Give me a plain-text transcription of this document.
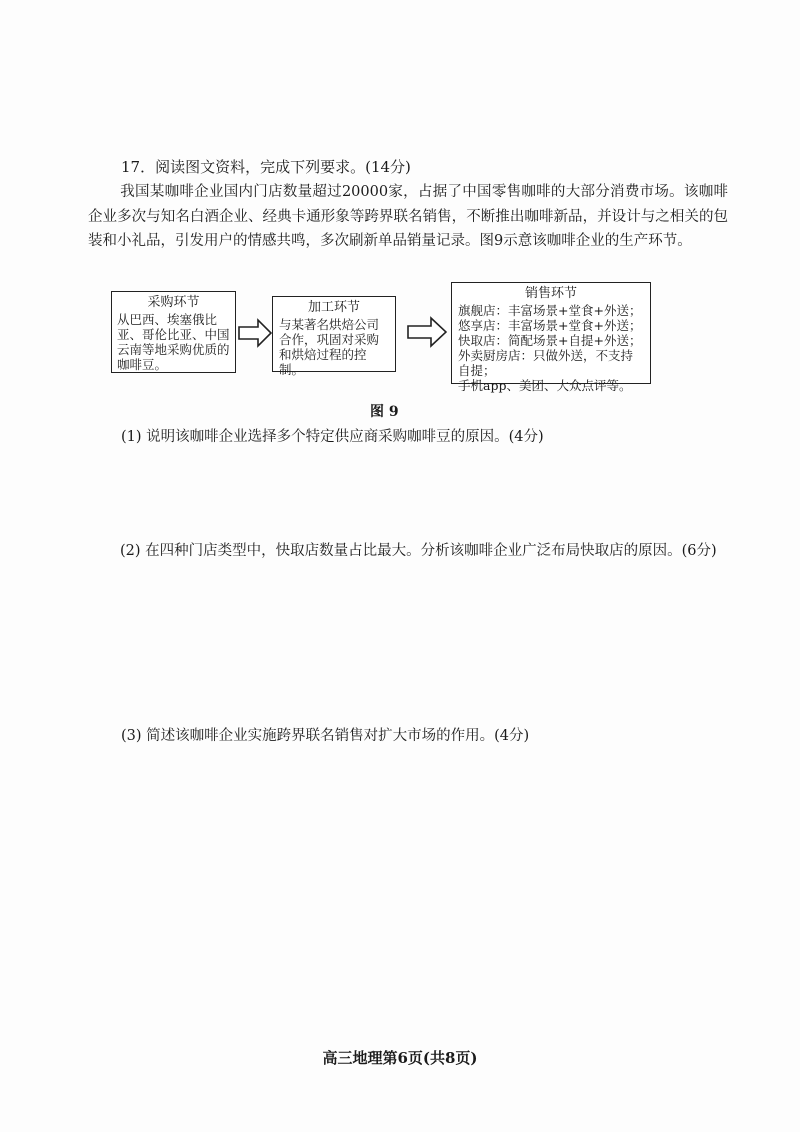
17．阅读图文资料，完成下列要求。(14分)
我国某咖啡企业国内门店数量超过20000家，占据了中国零售咖啡的大部分消费市场。该咖啡企业多次与知名白酒企业、经典卡通形象等跨界联名销售，不断推出咖啡新品，并设计与之相关的包装和小礼品，引发用户的情感共鸣，多次刷新单品销量记录。图9示意该咖啡企业的生产环节。
采购环节
从巴西、埃塞俄比亚、哥伦比亚、中国云南等地采购优质的咖啡豆。
加工环节
与某著名烘焙公司合作，巩固对采购和烘焙过程的控制。
销售环节
旗舰店：丰富场景+堂食+外送；
悠享店：丰富场景+堂食+外送；
快取店：简配场景+自提+外送；
外卖厨房店：只做外送，不支持自提；
手机app、美团、大众点评等。
图 9
(1) 说明该咖啡企业选择多个特定供应商采购咖啡豆的原因。(4分)
(2) 在四种门店类型中，快取店数量占比最大。分析该咖啡企业广泛布局快取店的原因。(6分)
(3) 简述该咖啡企业实施跨界联名销售对扩大市场的作用。(4分)
高三地理第6页(共8页)
